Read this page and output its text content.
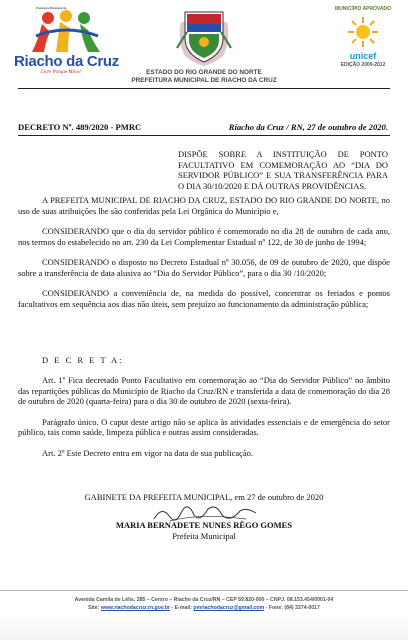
Prefeitura Municipal de
Riacho da Cruz
Livre Porque Mãos!
MUNICÍPIO APROVADO
unicef
EDIÇÃO 2009-2012
ESTADO DO RIO GRANDE DO NORTE
PREFEITURA MUNICIPAL DE RIACHO DA CRUZ
DECRETO Nº. 489/2020 - PMRC	Riacho da Cruz / RN, 27 de outubro de 2020.
DISPÕE SOBRE A INSTITUIÇÃO DE PONTO FACULTATIVO EM COMEMORAÇÃO AO “DIA DO SERVIDOR PÚBLICO” E SUA TRANSFERÊNCIA PARA O DIA 30/10/2020 E DÁ OUTRAS PROVIDÊNCIAS.

A PREFEITA MUNICIPAL DE RIACHO DA CRUZ, ESTADO DO RIO GRANDE DO NORTE, no uso de suas atribuições lhe são conferidas pela Lei Orgânica do Município e,

CONSIDERANDO que o dia do servidor público é comemorado no dia 28 de outubro de cada ano, nos termos do estabelecido no art. 230 da Lei Complementar Estadual nº 122, de 30 de junho de 1994;

CONSIDERANDO o disposto no Decreto Estadual nº 30.056, de 09 de outubro de 2020, que dispõe sobre a transferência de data alusiva ao “Dia do Servidor Público”, para o dia 30 /10/2020;

CONSIDERANDO a conveniência de, na medida do possível, concentrar os feriados e pontos facultativos em sequência aos dias não úteis, sem prejuízo ao funcionamento da administração pública;

D E C R E T A:

Art. 1º Fica decretado Ponto Facultativo em comemoração ao “Dia do Servidor Público” no âmbito das repartições públicas do Município de Riacho da Cruz/RN e transferida a data de comemoração do dia 28 de outubro de 2020 (quarta-feira) para o dia 30 de outubro de 2020 (sexta-feira).

Parágrafo único. O caput deste artigo não se aplica às atividades essenciais e de emergência do setor público, tais como saúde, limpeza pública e outras assim consideradas.

Art. 2º Este Decreto entra em vigor na data de sua publicação.

GABINETE DA PREFEITA MUNICIPAL, em 27 de outubro de 2020
MARIA BERNADETE NUNES RÊGO GOMES
Prefeita Municipal
Avenida Camila de Lélis, 285 – Centro – Riacho da Cruz/RN – CEP 59.820-000 – CNPJ. 08.153.454/0001-04
Site: www.riachodacruz.rn.gov.br - E-mail: pmriachodacruz@gmail.com - Fone: (84) 3374-0017
